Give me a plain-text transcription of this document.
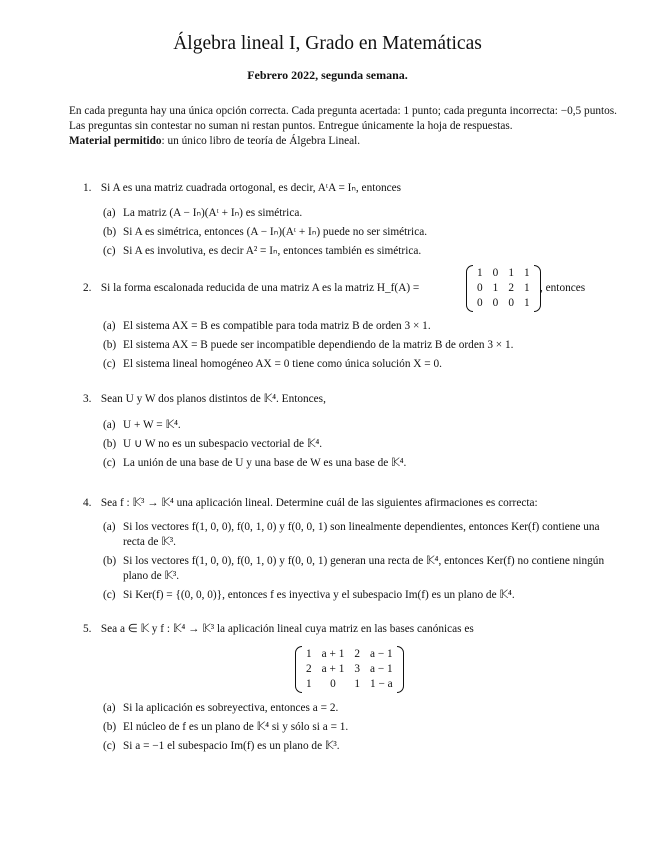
Álgebra lineal I, Grado en Matemáticas
Febrero 2022, segunda semana.

En cada pregunta hay una única opción correcta. Cada pregunta acertada: 1 punto; cada pregunta incorrecta: −0,5 puntos. Las preguntas sin contestar no suman ni restan puntos. Entregue únicamente la hoja de respuestas.

Material permitido: un único libro de teoría de Álgebra Lineal.

1. Si A es una matriz cuadrada ortogonal, es decir, AᵗA = Iₙ, entonces
(a) La matriz (A − Iₙ)(Aᵗ + Iₙ) es simétrica.
(b) Si A es simétrica, entonces (A − Iₙ)(Aᵗ + Iₙ) puede no ser simétrica.
(c) Si A es involutiva, es decir A² = Iₙ, entonces también es simétrica.
2. Si la forma escalonada reducida de una matriz A es la matriz H_f(A) =
1	0	1	1
0	1	2	1
0	0	0	1
, entonces
(a) El sistema AX = B es compatible para toda matriz B de orden 3 × 1.
(b) El sistema AX = B puede ser incompatible dependiendo de la matriz B de orden 3 × 1.
(c) El sistema lineal homogéneo AX = 0 tiene como única solución X = 0.
3. Sean U y W dos planos distintos de 𝕂⁴. Entonces,
(a) U + W = 𝕂⁴.
(b) U ∪ W no es un subespacio vectorial de 𝕂⁴.
(c) La unión de una base de U y una base de W es una base de 𝕂⁴.
4. Sea f : 𝕂³ → 𝕂⁴ una aplicación lineal. Determine cuál de las siguientes afirmaciones es correcta:
(a) Si los vectores f(1, 0, 0), f(0, 1, 0) y f(0, 0, 1) son linealmente dependientes, entonces Ker(f) contiene una recta de 𝕂³.
(b) Si los vectores f(1, 0, 0), f(0, 1, 0) y f(0, 0, 1) generan una recta de 𝕂⁴, entonces Ker(f) no contiene ningún plano de 𝕂³.
(c) Si Ker(f) = {(0, 0, 0)}, entonces f es inyectiva y el subespacio Im(f) es un plano de 𝕂⁴.
5. Sea a ∈ 𝕂 y f : 𝕂⁴ → 𝕂³ la aplicación lineal cuya matriz en las bases canónicas es
1	a + 1	2	a − 1
2	a + 1	3	a − 1
1	0	1	1 − a
(a) Si la aplicación es sobreyectiva, entonces a = 2.
(b) El núcleo de f es un plano de 𝕂⁴ si y sólo si a = 1.
(c) Si a = −1 el subespacio Im(f) es un plano de 𝕂³.
